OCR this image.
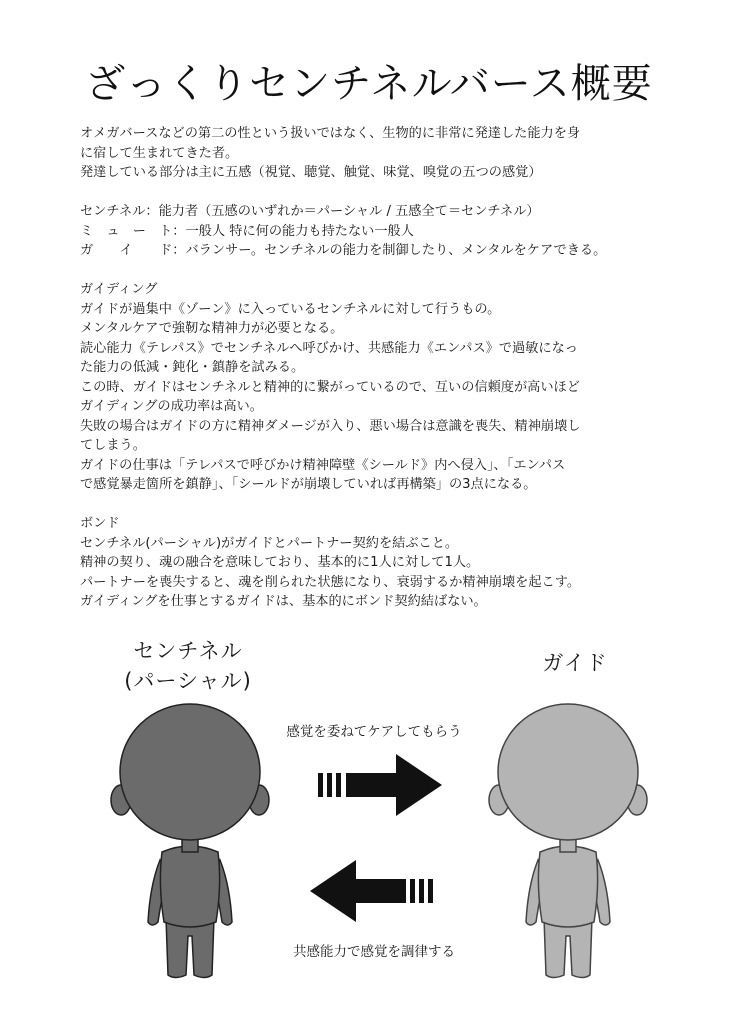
ざっくりセンチネルバース概要
オメガバースなどの第二の性という扱いではなく、生物的に非常に発達した能力を身
に宿して生まれてきた者。
発達している部分は主に五感（視覚、聴覚、触覚、味覚、嗅覚の五つの感覚）
センチネル：能力者（五感のいずれか＝パーシャル / 五感全て＝センチネル）
ミ　ュ　ー　ト：一般人 特に何の能力も持たない一般人
ガ　　イ　　ド：バランサー。センチネルの能力を制御したり、メンタルをケアできる。
ガイディング
ガイドが過集中《ゾーン》に入っているセンチネルに対して行うもの。
メンタルケアで強靭な精神力が必要となる。
読心能力《テレパス》でセンチネルへ呼びかけ、共感能力《エンパス》で過敏になっ
た能力の低減・鈍化・鎮静を試みる。
この時、ガイドはセンチネルと精神的に繋がっているので、互いの信頼度が高いほど
ガイディングの成功率は高い。
失敗の場合はガイドの方に精神ダメージが入り、悪い場合は意識を喪失、精神崩壊し
てしまう。
ガイドの仕事は「テレパスで呼びかけ精神障壁《シールド》内へ侵入」、「エンパス
で感覚暴走箇所を鎮静」、「シールドが崩壊していれば再構築」の3点になる。
ボンド
センチネル(パーシャル)がガイドとパートナー契約を結ぶこと。
精神の契り、魂の融合を意味しており、基本的に1人に対して1人。
パートナーを喪失すると、魂を削られた状態になり、衰弱するか精神崩壊を起こす。
ガイディングを仕事とするガイドは、基本的にボンド契約結ばない。
センチネル
(パーシャル)
ガイド
感覚を委ねてケアしてもらう
共感能力で感覚を調律する
